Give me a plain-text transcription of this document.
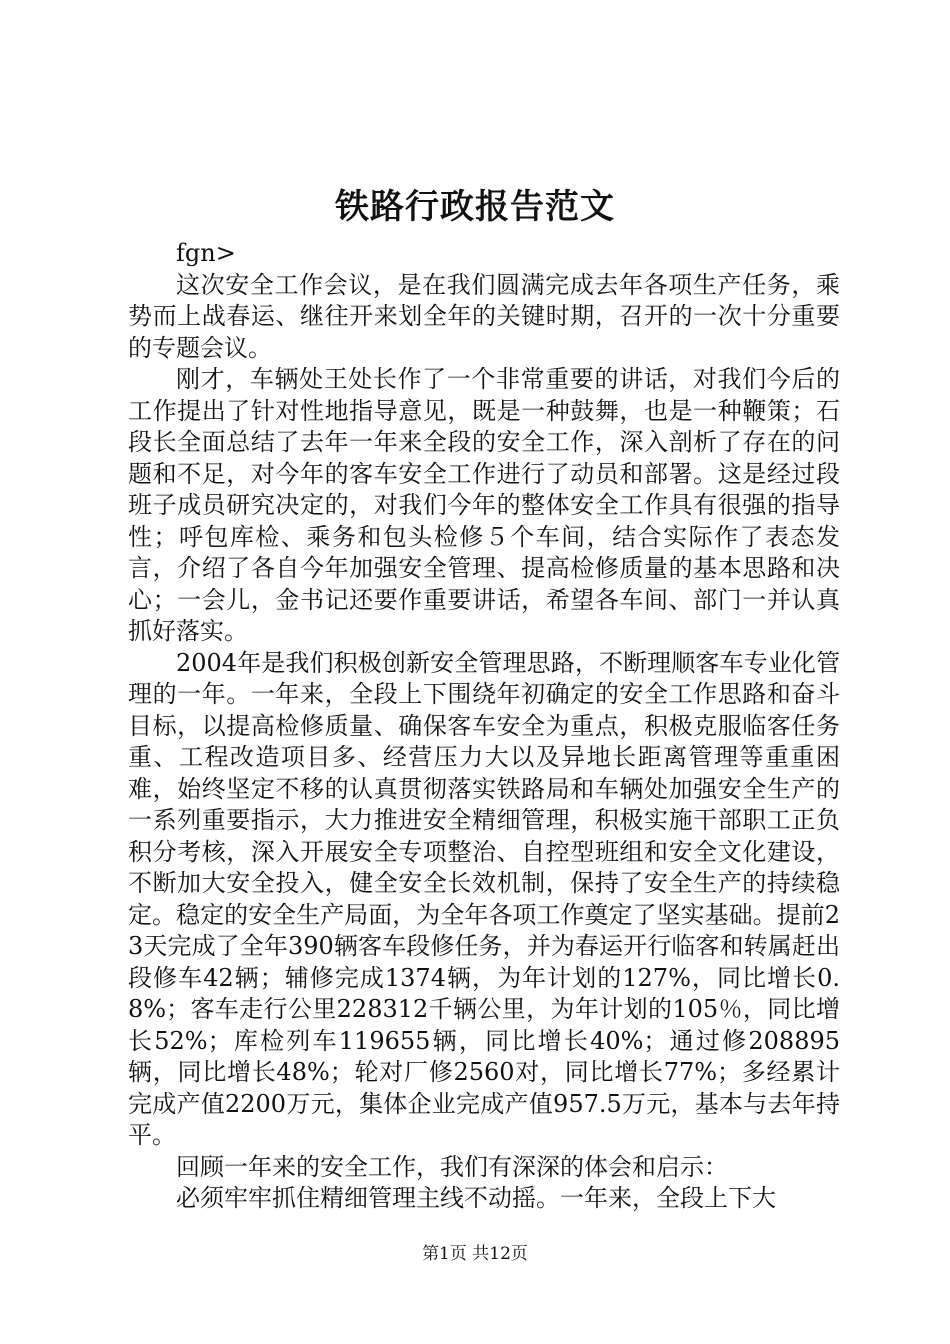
铁路行政报告范文

fgn>

这次安全工作会议，是在我们圆满完成去年各项生产任务，乘势而上战春运、继往开来划全年的关键时期，召开的一次十分重要的专题会议。

刚才，车辆处王处长作了一个非常重要的讲话，对我们今后的工作提出了针对性地指导意见，既是一种鼓舞，也是一种鞭策；石段长全面总结了去年一年来全段的安全工作，深入剖析了存在的问题和不足，对今年的客车安全工作进行了动员和部署。这是经过段班子成员研究决定的，对我们今年的整体安全工作具有很强的指导性；呼包库检、乘务和包头检修５个车间，结合实际作了表态发言，介绍了各自今年加强安全管理、提高检修质量的基本思路和决心；一会儿，金书记还要作重要讲话，希望各车间、部门一并认真抓好落实。

2004年是我们积极创新安全管理思路，不断理顺客车专业化管理的一年。一年来，全段上下围绕年初确定的安全工作思路和奋斗目标，以提高检修质量、确保客车安全为重点，积极克服临客任务重、工程改造项目多、经营压力大以及异地长距离管理等重重困难，始终坚定不移的认真贯彻落实铁路局和车辆处加强安全生产的一系列重要指示，大力推进安全精细管理，积极实施干部职工正负积分考核，深入开展安全专项整治、自控型班组和安全文化建设，不断加大安全投入，健全安全长效机制，保持了安全生产的持续稳定。稳定的安全生产局面，为全年各项工作奠定了坚实基础。提前23天完成了全年390辆客车段修任务，并为春运开行临客和转属赶出段修车42辆；辅修完成1374辆，为年计划的127%，同比增长0.8%；客车走行公里228312千辆公里，为年计划的105％，同比增长52%；库检列车119655辆，同比增长40%；通过修208895辆，同比增长48%；轮对厂修2560对，同比增长77%；多经累计完成产值2200万元，集体企业完成产值957.5万元，基本与去年持平。

回顾一年来的安全工作，我们有深深的体会和启示：

必须牢牢抓住精细管理主线不动摇。一年来，全段上下大

第1页 共12页
